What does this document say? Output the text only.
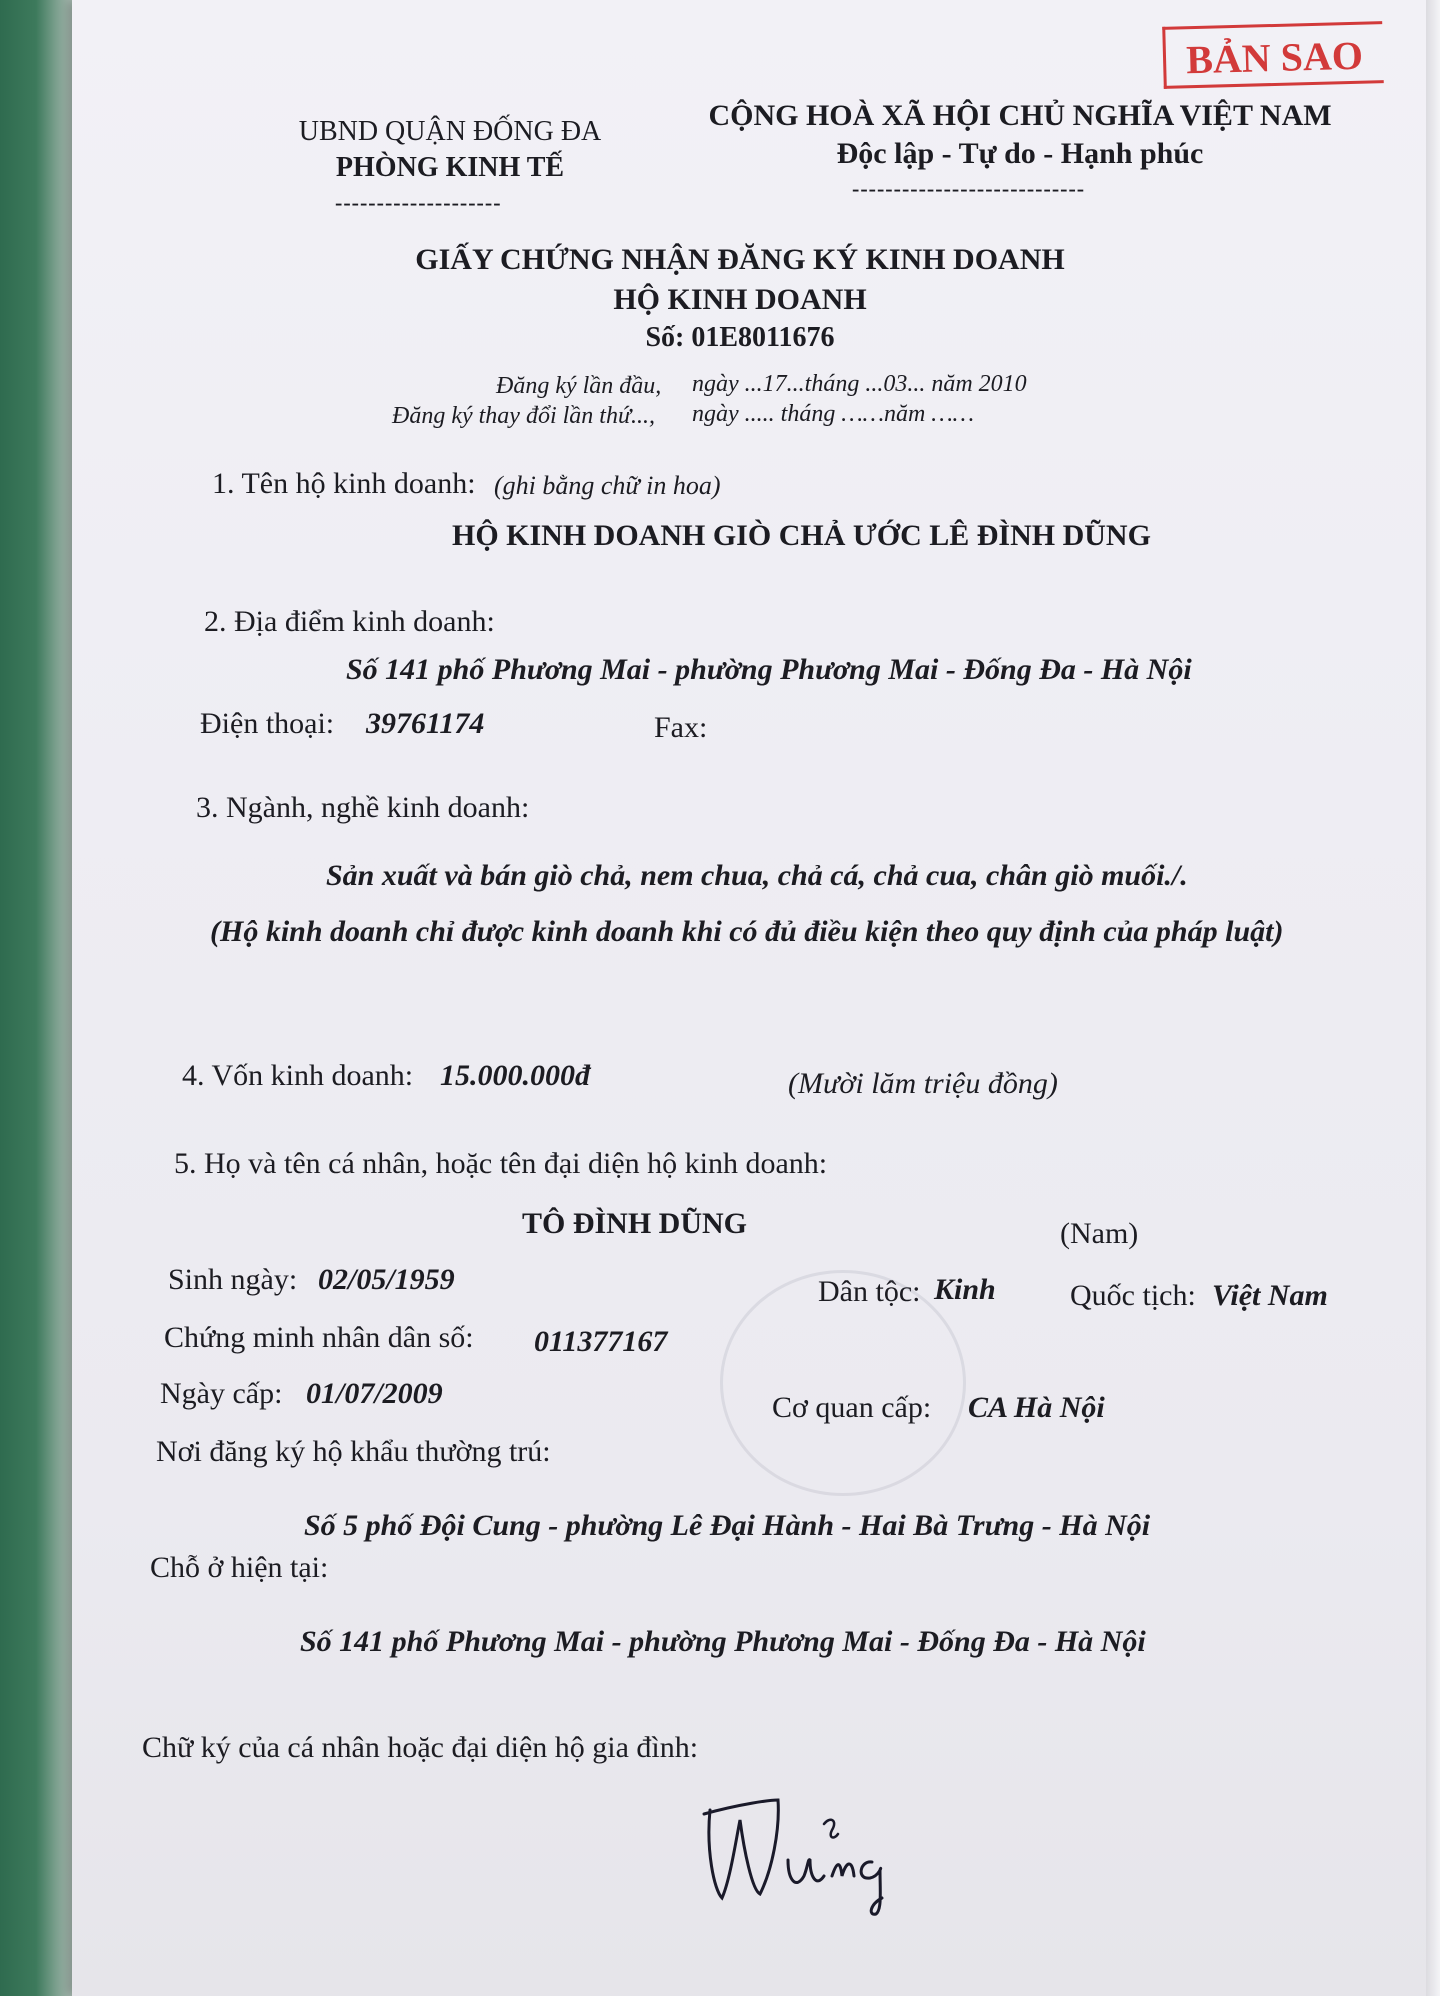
BẢN SAO
UBND QUẬN ĐỐNG ĐA
PHÒNG KINH TẾ
--------------------
CỘNG HOÀ XÃ HỘI CHỦ NGHĨA VIỆT NAM
Độc lập - Tự do - Hạnh phúc
----------------------------
GIẤY CHỨNG NHẬN ĐĂNG KÝ KINH DOANH
HỘ KINH DOANH
Số: 01E8011676
Đăng ký lần đầu, ngày ...17...tháng ...03... năm 2010
Đăng ký thay đổi lần thứ..., ngày ..... tháng ……năm ……
1. Tên hộ kinh doanh: (ghi bằng chữ in hoa)
HỘ KINH DOANH GIÒ CHẢ ƯỚC LÊ ĐÌNH DŨNG
2. Địa điểm kinh doanh:
Số 141 phố Phương Mai - phường Phương Mai - Đống Đa - Hà Nội
Điện thoại: 39761174	Fax:
3. Ngành, nghề kinh doanh:
Sản xuất và bán giò chả, nem chua, chả cá, chả cua, chân giò muối./.
(Hộ kinh doanh chỉ được kinh doanh khi có đủ điều kiện theo quy định của pháp luật)
4. Vốn kinh doanh: 15.000.000đ	(Mười lăm triệu đồng)
5. Họ và tên cá nhân, hoặc tên đại diện hộ kinh doanh:
TÔ ĐÌNH DŨNG	(Nam)
Sinh ngày: 02/05/1959	Dân tộc: Kinh Quốc tịch: Việt Nam
Chứng minh nhân dân số: 011377167
Ngày cấp: 01/07/2009	Cơ quan cấp: CA Hà Nội
Nơi đăng ký hộ khẩu thường trú:
Số 5 phố Đội Cung - phường Lê Đại Hành - Hai Bà Trưng - Hà Nội
Chỗ ở hiện tại:
Số 141 phố Phương Mai - phường Phương Mai - Đống Đa - Hà Nội
Chữ ký của cá nhân hoặc đại diện hộ gia đình:
